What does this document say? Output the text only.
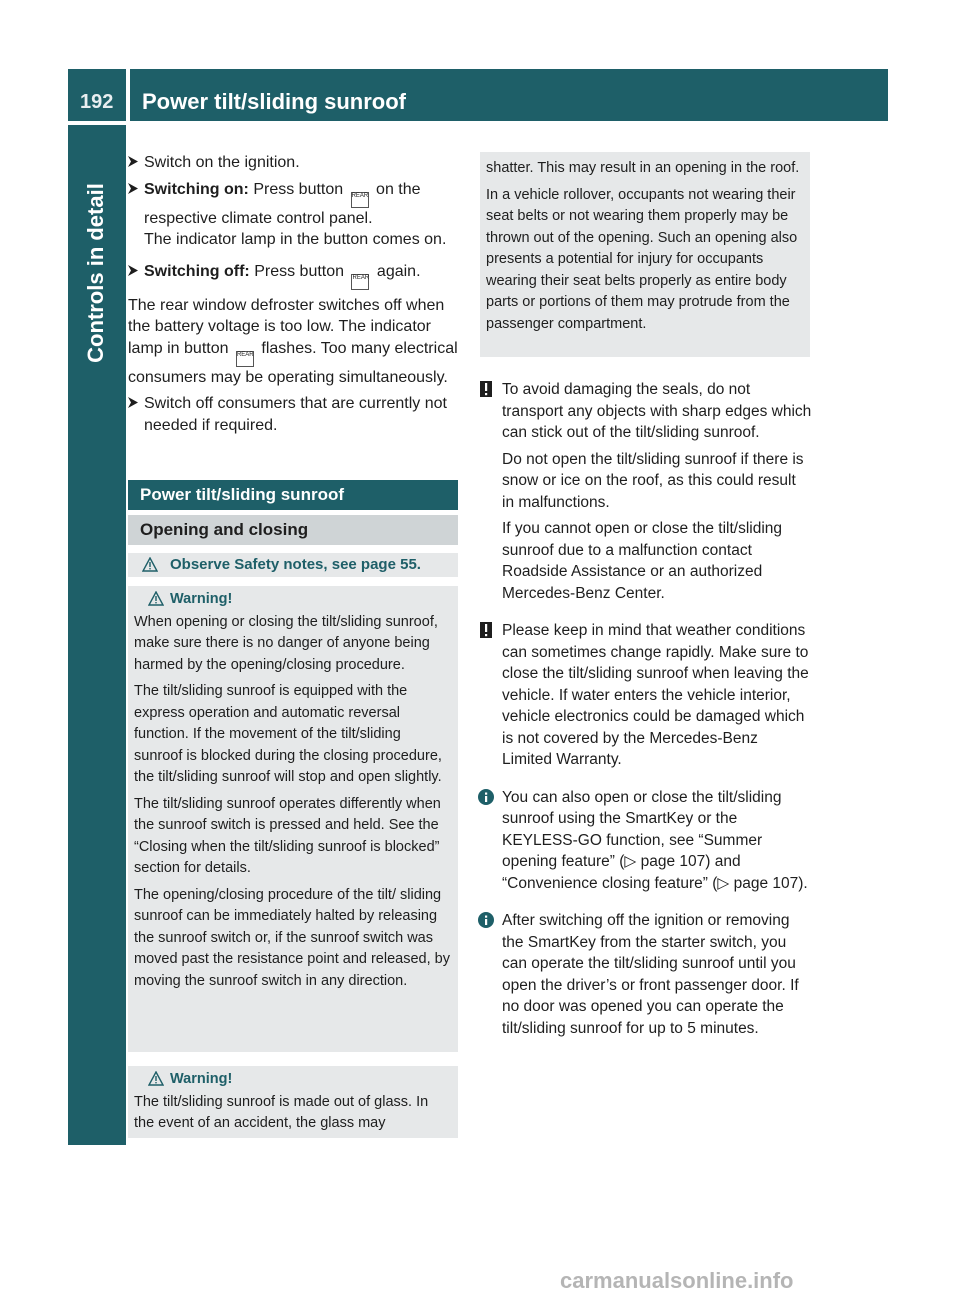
192 Power tilt/sliding sunroof
Controls in detail

Switch on the ignition.

Switching on: Press button REAR on the respective climate control panel.

The indicator lamp in the button comes on.

Switching off: Press button REAR again.

The rear window defroster switches off when the battery voltage is too low. The indicator lamp in button REAR flashes. Too many electrical consumers may be operating simultaneously.

Switch off consumers that are currently not needed if required.

Power tilt/sliding sunroof
Opening and closing
Observe Safety notes, see page 55.

Warning!

When opening or closing the tilt/sliding sunroof, make sure there is no danger of anyone being harmed by the opening/closing procedure.

The tilt/sliding sunroof is equipped with the express operation and automatic reversal function. If the movement of the tilt/sliding sunroof is blocked during the closing procedure, the tilt/sliding sunroof will stop and open slightly.

The tilt/sliding sunroof operates differently when the sunroof switch is pressed and held. See the “Closing when the tilt/sliding sunroof is blocked” section for details.

The opening/closing procedure of the tilt/ sliding sunroof can be immediately halted by releasing the sunroof switch or, if the sunroof switch was moved past the resistance point and released, by moving the sunroof switch in any direction.

Warning!

The tilt/sliding sunroof is made out of glass. In the event of an accident, the glass may

shatter. This may result in an opening in the roof.

In a vehicle rollover, occupants not wearing their seat belts or not wearing them properly may be thrown out of the opening. Such an opening also presents a potential for injury for occupants wearing their seat belts properly as entire body parts or portions of them may protrude from the passenger compartment.

To avoid damaging the seals, do not transport any objects with sharp edges which can stick out of the tilt/sliding sunroof.

Do not open the tilt/sliding sunroof if there is snow or ice on the roof, as this could result in malfunctions.

If you cannot open or close the tilt/sliding sunroof due to a malfunction contact Roadside Assistance or an authorized Mercedes-Benz Center.

Please keep in mind that weather conditions can sometimes change rapidly. Make sure to close the tilt/sliding sunroof when leaving the vehicle. If water enters the vehicle interior, vehicle electronics could be damaged which is not covered by the Mercedes-Benz Limited Warranty.

You can also open or close the tilt/sliding sunroof using the SmartKey or the KEYLESS-GO function, see “Summer opening feature” (▷ page 107) and “Convenience closing feature” (▷ page 107).

After switching off the ignition or removing the SmartKey from the starter switch, you can operate the tilt/sliding sunroof until you open the driver’s or front passenger door. If no door was opened you can operate the tilt/sliding sunroof for up to 5 minutes.

carmanualsonline.info
